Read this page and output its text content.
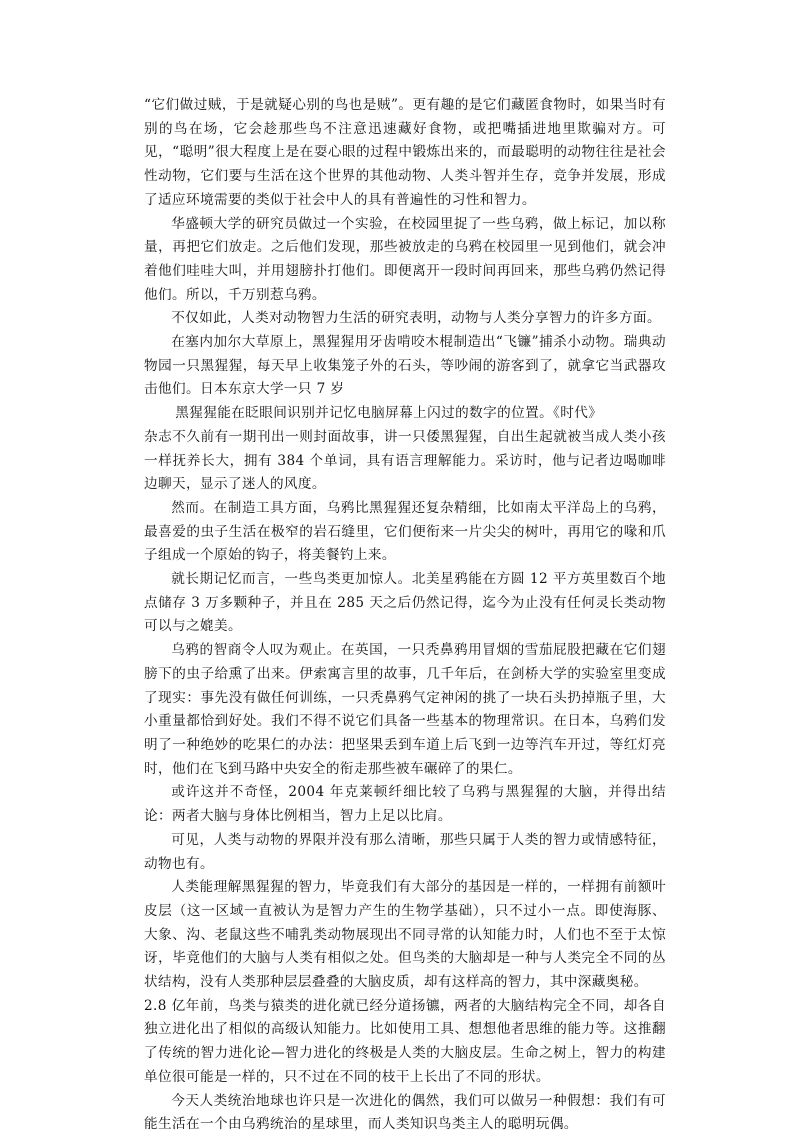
“它们做过贼，于是就疑心别的鸟也是贼”。更有趣的是它们藏匿食物时，如果当时有别的鸟在场，它会趁那些鸟不注意迅速藏好食物，或把嘴插进地里欺骗对方。可见，“聪明”很大程度上是在耍心眼的过程中锻炼出来的，而最聪明的动物往往是社会性动物，它们要与生活在这个世界的其他动物、人类斗智并生存，竞争并发展，形成了适应环境需要的类似于社会中人的具有普遍性的习性和智力。

华盛顿大学的研究员做过一个实验，在校园里捉了一些乌鸦，做上标记，加以称量，再把它们放走。之后他们发现，那些被放走的乌鸦在校园里一见到他们，就会冲着他们哇哇大叫，并用翅膀扑打他们。即便离开一段时间再回来，那些乌鸦仍然记得他们。所以，千万别惹乌鸦。

不仅如此，人类对动物智力生活的研究表明，动物与人类分享智力的许多方面。

在塞内加尔大草原上，黑猩猩用牙齿啃咬木棍制造出“飞镰”捕杀小动物。瑞典动物园一只黑猩猩，每天早上收集笼子外的石头，等吵闹的游客到了，就拿它当武器攻击他们。日本东京大学一只 7 岁

黑猩猩能在眨眼间识别并记忆电脑屏幕上闪过的数字的位置。《时代》

杂志不久前有一期刊出一则封面故事，讲一只倭黑猩猩，自出生起就被当成人类小孩一样抚养长大，拥有 384 个单词，具有语言理解能力。采访时，他与记者边喝咖啡边聊天，显示了迷人的风度。

然而。在制造工具方面，乌鸦比黑猩猩还复杂精细，比如南太平洋岛上的乌鸦，最喜爱的虫子生活在极窄的岩石缝里，它们便衔来一片尖尖的树叶，再用它的喙和爪子组成一个原始的钩子，将美餐钓上来。

就长期记忆而言，一些鸟类更加惊人。北美星鸦能在方圆 12 平方英里数百个地点储存 3 万多颗种子，并且在 285 天之后仍然记得，迄今为止没有任何灵长类动物可以与之媲美。

乌鸦的智商令人叹为观止。在英国，一只秃鼻鸦用冒烟的雪茄屁股把藏在它们翅膀下的虫子给熏了出来。伊索寓言里的故事，几千年后，在剑桥大学的实验室里变成了现实：事先没有做任何训练，一只秃鼻鸦气定神闲的挑了一块石头扔掉瓶子里，大小重量都恰到好处。我们不得不说它们具备一些基本的物理常识。在日本，乌鸦们发明了一种绝妙的吃果仁的办法：把坚果丢到车道上后飞到一边等汽车开过，等红灯亮时，他们在飞到马路中央安全的衔走那些被车碾碎了的果仁。

或许这并不奇怪，2004 年克莱顿纤细比较了乌鸦与黑猩猩的大脑，并得出结论：两者大脑与身体比例相当，智力上足以比肩。

可见，人类与动物的界限并没有那么清晰，那些只属于人类的智力或情感特征，动物也有。

人类能理解黑猩猩的智力，毕竟我们有大部分的基因是一样的，一样拥有前额叶皮层（这一区域一直被认为是智力产生的生物学基础），只不过小一点。即使海豚、大象、沟、老鼠这些不哺乳类动物展现出不同寻常的认知能力时，人们也不至于太惊讶，毕竟他们的大脑与人类有相似之处。但鸟类的大脑却是一种与人类完全不同的丛状结构，没有人类那种层层叠叠的大脑皮质，却有这样高的智力，其中深藏奥秘。

2.8 亿年前，鸟类与猿类的进化就已经分道扬镳，两者的大脑结构完全不同，却各自独立进化出了相似的高级认知能力。比如使用工具、想想他者思维的能力等。这推翻了传统的智力进化论—智力进化的终极是人类的大脑皮层。生命之树上，智力的构建单位很可能是一样的，只不过在不同的枝干上长出了不同的形状。

今天人类统治地球也许只是一次进化的偶然，我们可以做另一种假想：我们有可能生活在一个由乌鸦统治的星球里，而人类知识鸟类主人的聪明玩偶。
